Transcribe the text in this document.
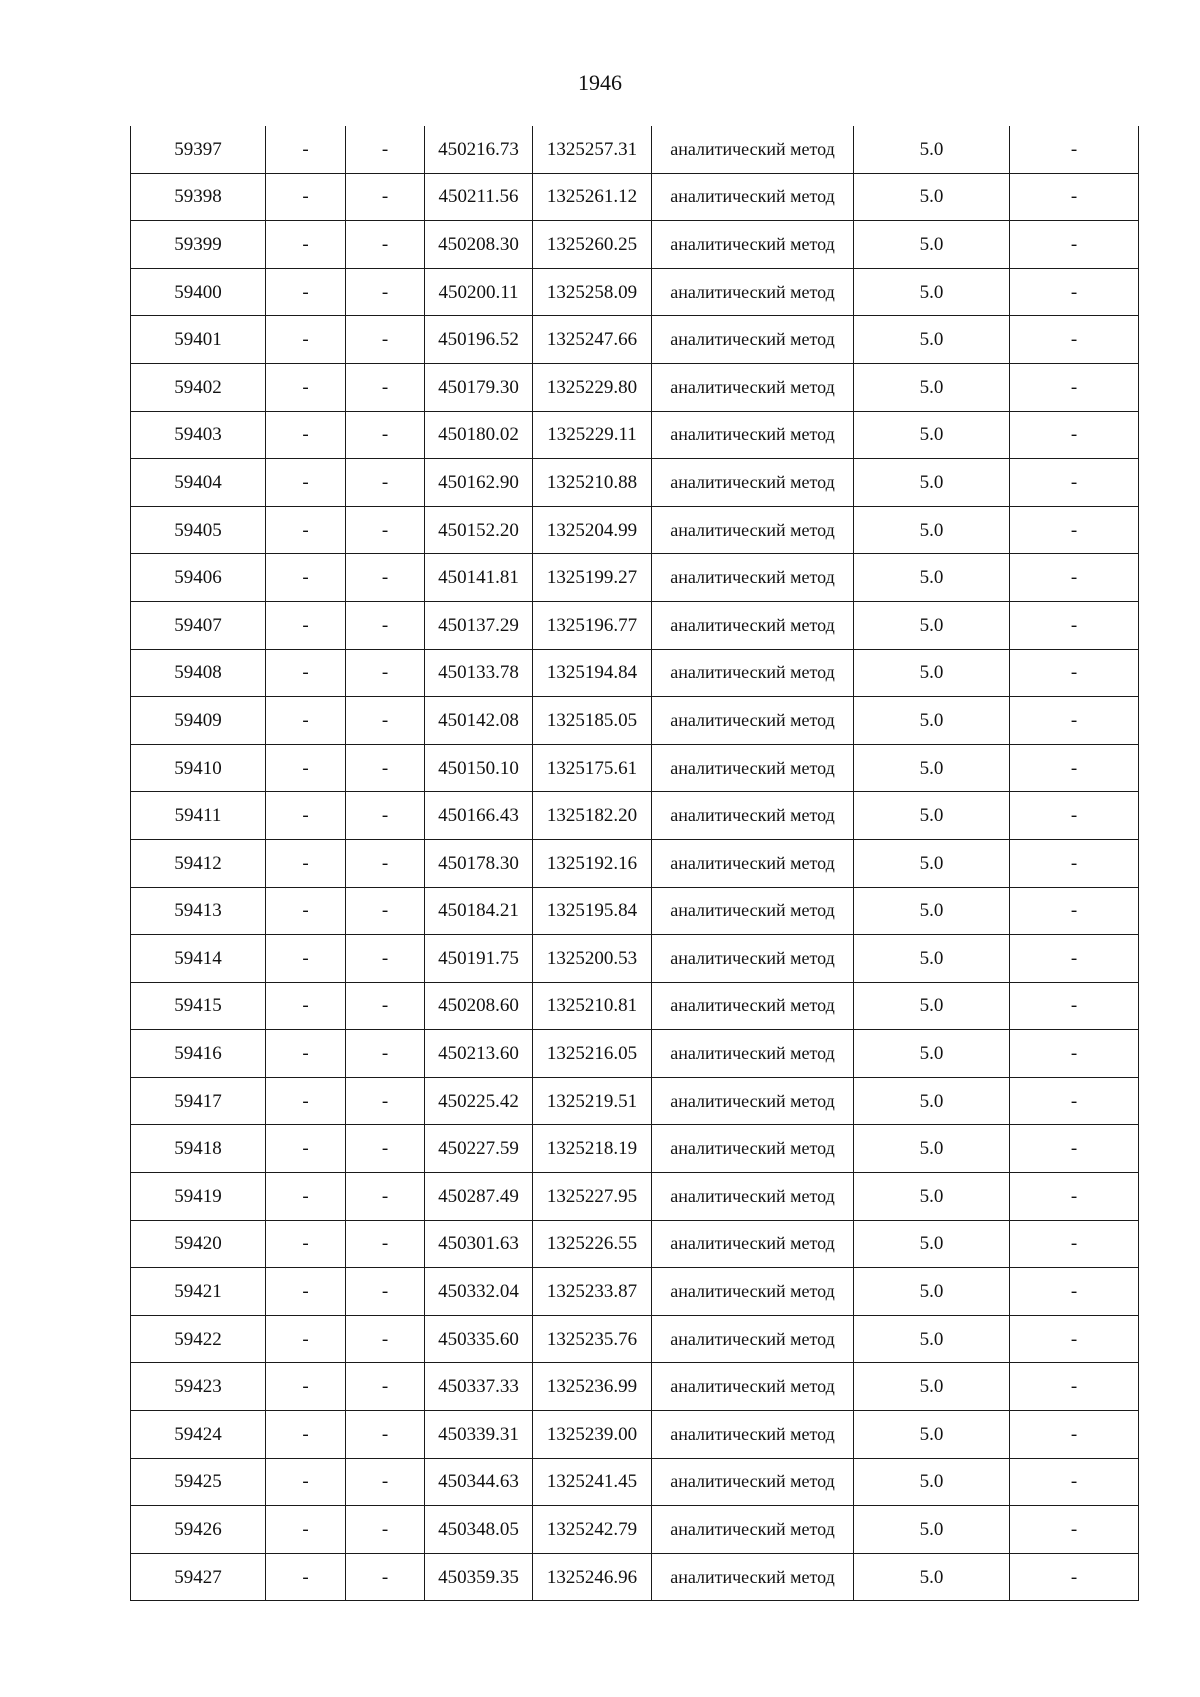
1946
59397	-	-	450216.73	1325257.31	аналитический метод	5.0	-
59398	-	-	450211.56	1325261.12	аналитический метод	5.0	-
59399	-	-	450208.30	1325260.25	аналитический метод	5.0	-
59400	-	-	450200.11	1325258.09	аналитический метод	5.0	-
59401	-	-	450196.52	1325247.66	аналитический метод	5.0	-
59402	-	-	450179.30	1325229.80	аналитический метод	5.0	-
59403	-	-	450180.02	1325229.11	аналитический метод	5.0	-
59404	-	-	450162.90	1325210.88	аналитический метод	5.0	-
59405	-	-	450152.20	1325204.99	аналитический метод	5.0	-
59406	-	-	450141.81	1325199.27	аналитический метод	5.0	-
59407	-	-	450137.29	1325196.77	аналитический метод	5.0	-
59408	-	-	450133.78	1325194.84	аналитический метод	5.0	-
59409	-	-	450142.08	1325185.05	аналитический метод	5.0	-
59410	-	-	450150.10	1325175.61	аналитический метод	5.0	-
59411	-	-	450166.43	1325182.20	аналитический метод	5.0	-
59412	-	-	450178.30	1325192.16	аналитический метод	5.0	-
59413	-	-	450184.21	1325195.84	аналитический метод	5.0	-
59414	-	-	450191.75	1325200.53	аналитический метод	5.0	-
59415	-	-	450208.60	1325210.81	аналитический метод	5.0	-
59416	-	-	450213.60	1325216.05	аналитический метод	5.0	-
59417	-	-	450225.42	1325219.51	аналитический метод	5.0	-
59418	-	-	450227.59	1325218.19	аналитический метод	5.0	-
59419	-	-	450287.49	1325227.95	аналитический метод	5.0	-
59420	-	-	450301.63	1325226.55	аналитический метод	5.0	-
59421	-	-	450332.04	1325233.87	аналитический метод	5.0	-
59422	-	-	450335.60	1325235.76	аналитический метод	5.0	-
59423	-	-	450337.33	1325236.99	аналитический метод	5.0	-
59424	-	-	450339.31	1325239.00	аналитический метод	5.0	-
59425	-	-	450344.63	1325241.45	аналитический метод	5.0	-
59426	-	-	450348.05	1325242.79	аналитический метод	5.0	-
59427	-	-	450359.35	1325246.96	аналитический метод	5.0	-
